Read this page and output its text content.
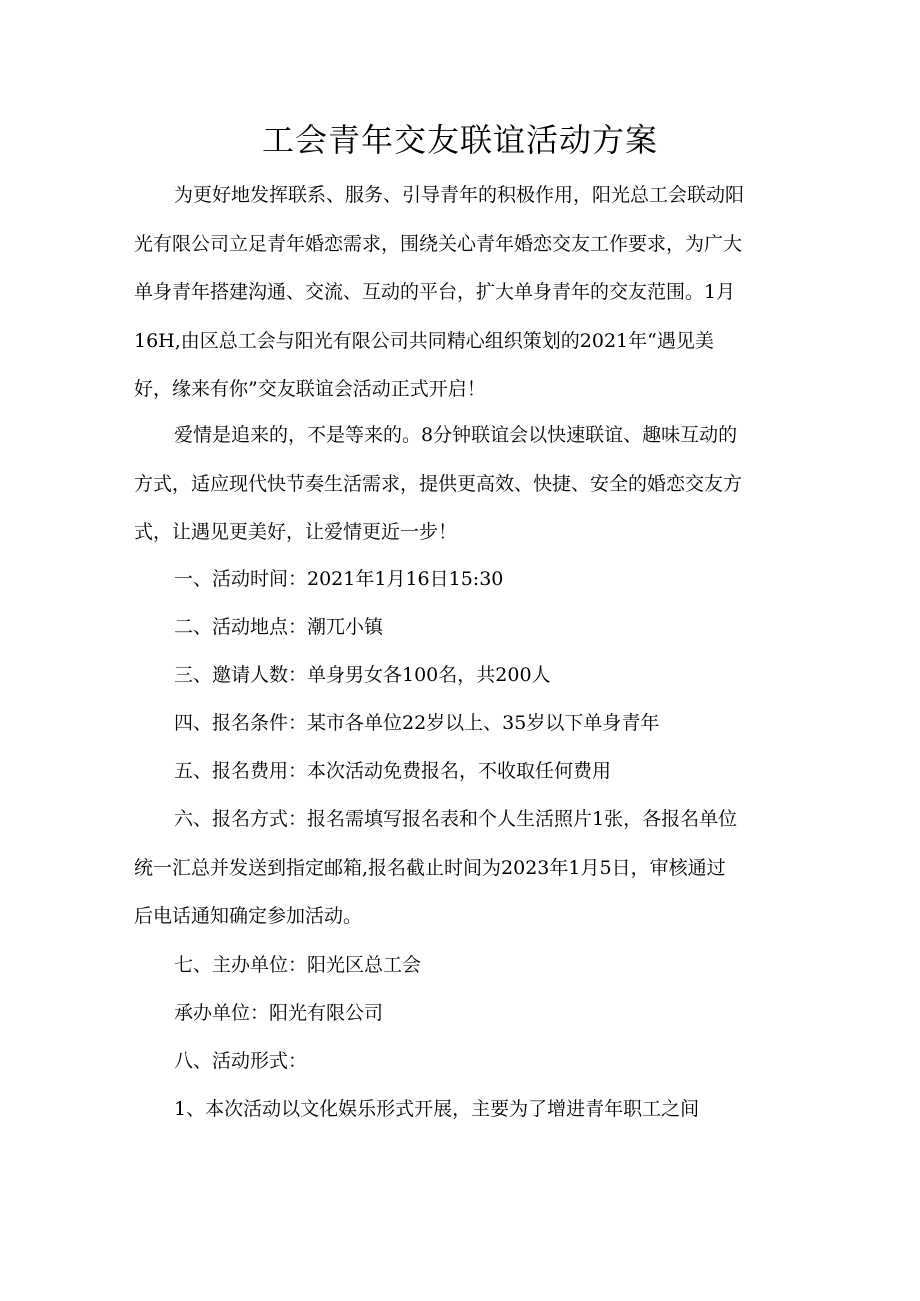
工会青年交友联谊活动方案
为更好地发挥联系、服务、引导青年的积极作用，阳光总工会联动阳
光有限公司立足青年婚恋需求，围绕关心青年婚恋交友工作要求，为广大
单身青年搭建沟通、交流、互动的平台，扩大单身青年的交友范围。1月
16H,由区总工会与阳光有限公司共同精心组织策划的2021年“遇见美
好，缘来有你”交友联谊会活动正式开启！
爱情是追来的，不是等来的。8分钟联谊会以快速联谊、趣味互动的
方式，适应现代快节奏生活需求，提供更高效、快捷、安全的婚恋交友方
式，让遇见更美好，让爱情更近一步！

一、活动时间：2021年1月16日15:30

二、活动地点：潮兀小镇

三、邀请人数：单身男女各100名，共200人

四、报名条件：某市各单位22岁以上、35岁以下单身青年

五、报名费用：本次活动免费报名，不收取任何费用

六、报名方式：报名需填写报名表和个人生活照片1张，各报名单位
统一汇总并发送到指定邮箱,报名截止时间为2023年1月5日，审核通过
后电话通知确定参加活动。

七、主办单位：阳光区总工会

承办单位：阳光有限公司

八、活动形式：

1、本次活动以文化娱乐形式开展，主要为了增进青年职工之间
